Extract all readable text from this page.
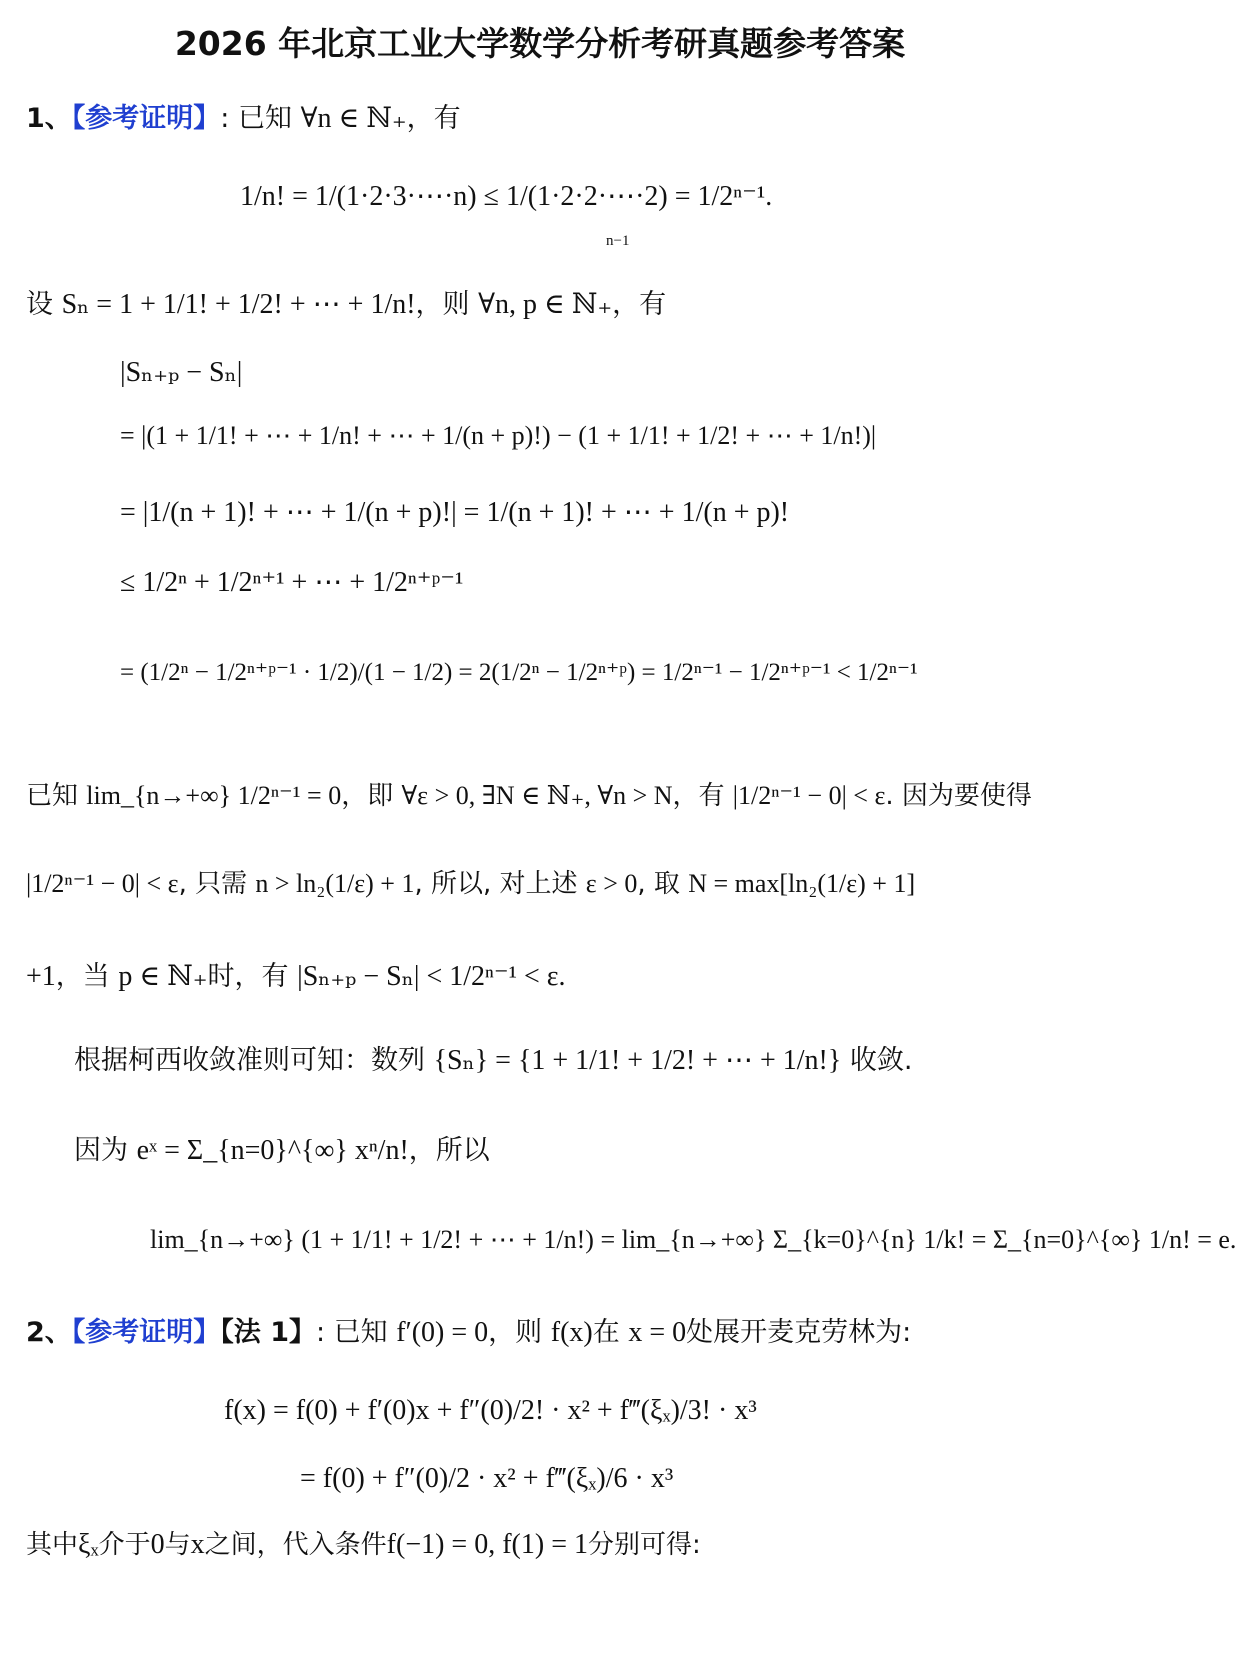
2026 年北京工业大学数学分析考研真题参考答案
1、【参考证明】: 已知 ∀n ∈ ℕ₊，有
1/n! = 1/(1·2·3·⋯·n) ≤ 1/(1·2·2·⋯·2) = 1/2ⁿ⁻¹.
n−1
设 Sₙ = 1 + 1/1! + 1/2! + ⋯ + 1/n!，则 ∀n, p ∈ ℕ₊，有
|Sₙ₊ₚ − Sₙ|
= |(1 + 1/1! + ⋯ + 1/n! + ⋯ + 1/(n + p)!) − (1 + 1/1! + 1/2! + ⋯ + 1/n!)|
= |1/(n + 1)! + ⋯ + 1/(n + p)!| = 1/(n + 1)! + ⋯ + 1/(n + p)!
≤ 1/2ⁿ + 1/2ⁿ⁺¹ + ⋯ + 1/2ⁿ⁺ᵖ⁻¹
= (1/2ⁿ − 1/2ⁿ⁺ᵖ⁻¹ · 1/2)/(1 − 1/2) = 2(1/2ⁿ − 1/2ⁿ⁺ᵖ) = 1/2ⁿ⁻¹ − 1/2ⁿ⁺ᵖ⁻¹ < 1/2ⁿ⁻¹
已知 lim_{n→+∞} 1/2ⁿ⁻¹ = 0，即 ∀ε > 0, ∃N ∈ ℕ₊, ∀n > N，有 |1/2ⁿ⁻¹ − 0| < ε. 因为要使得
|1/2ⁿ⁻¹ − 0| < ε, 只需 n > ln₂(1/ε) + 1, 所以, 对上述 ε > 0, 取 N = max[ln₂(1/ε) + 1]
+1，当 p ∈ ℕ₊时，有 |Sₙ₊ₚ − Sₙ| < 1/2ⁿ⁻¹ < ε.
根据柯西收敛准则可知：数列 {Sₙ} = {1 + 1/1! + 1/2! + ⋯ + 1/n!} 收敛.
因为 eˣ = Σ_{n=0}^{∞} xⁿ/n!，所以
lim_{n→+∞} (1 + 1/1! + 1/2! + ⋯ + 1/n!) = lim_{n→+∞} Σ_{k=0}^{n} 1/k! = Σ_{n=0}^{∞} 1/n! = e.
2、【参考证明】【法 1】: 已知 f′(0) = 0，则 f(x)在 x = 0处展开麦克劳林为:
f(x) = f(0) + f′(0)x + f″(0)/2! · x² + f‴(ξₓ)/3! · x³
= f(0) + f″(0)/2 · x² + f‴(ξₓ)/6 · x³
其中ξₓ介于0与x之间，代入条件f(−1) = 0, f(1) = 1分别可得:
